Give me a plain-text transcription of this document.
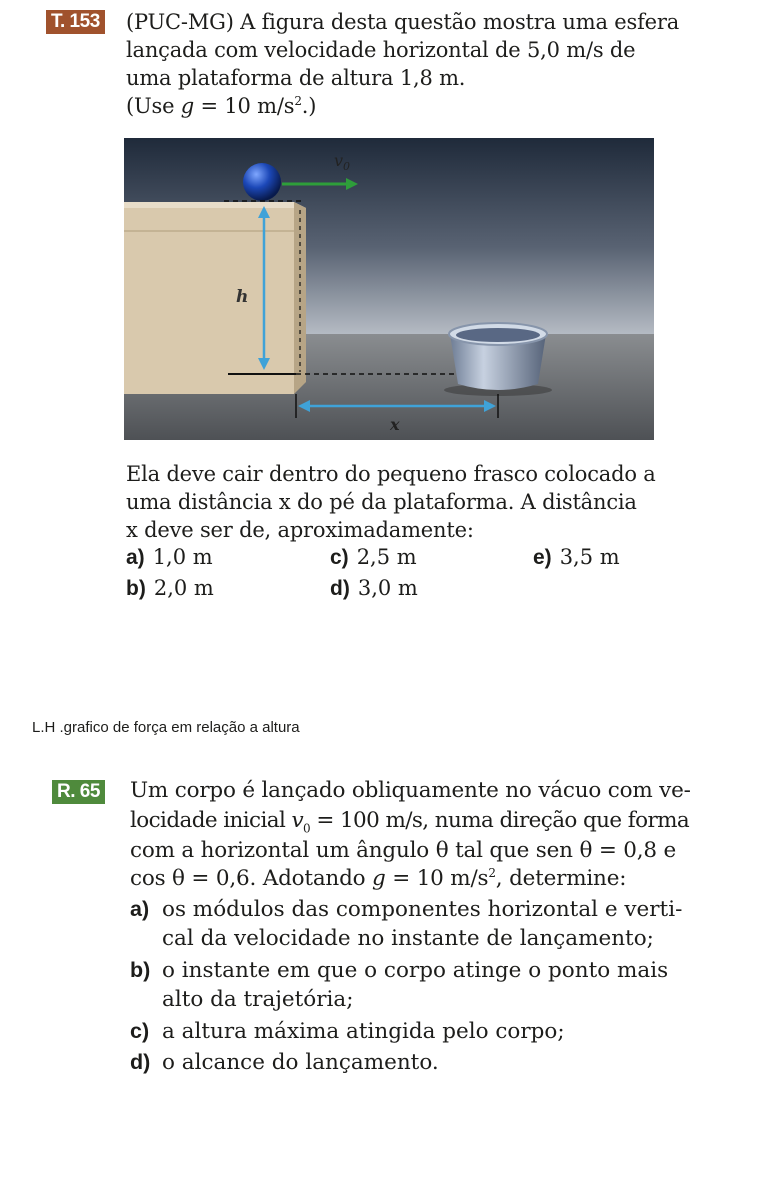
T. 153 (PUC-MG) A figura desta questão mostra uma esfera
lançada com velocidade horizontal de 5,0 m/s de
uma plataforma de altura 1,8 m.
(Use g = 10 $m/s^2$.)
$v_0$
h
x
Ela deve cair dentro do pequeno frasco colocado a
uma distância x do pé da plataforma. A distância
x deve ser de, aproximadamente:
a) 1,0 m
b) 2,0 m
c) 2,5 m
d) 3,0 m
e) 3,5 m
L.H .grafico de força em relação a altura
R. 65 Um corpo é lançado obliquamente no vácuo com ve-
locidade inicial $v_0 = 100$ m/s, numa direção que forma
com a horizontal um ângulo θ tal que sen θ = 0,8 e
cos θ = 0,6. Adotando g = 10 $m/s^2$, determine:
a) os módulos das componentes horizontal e verti-
cal da velocidade no instante de lançamento;
b) o instante em que o corpo atinge o ponto mais
alto da trajetória;
c) a altura máxima atingida pelo corpo;
d) o alcance do lançamento.
